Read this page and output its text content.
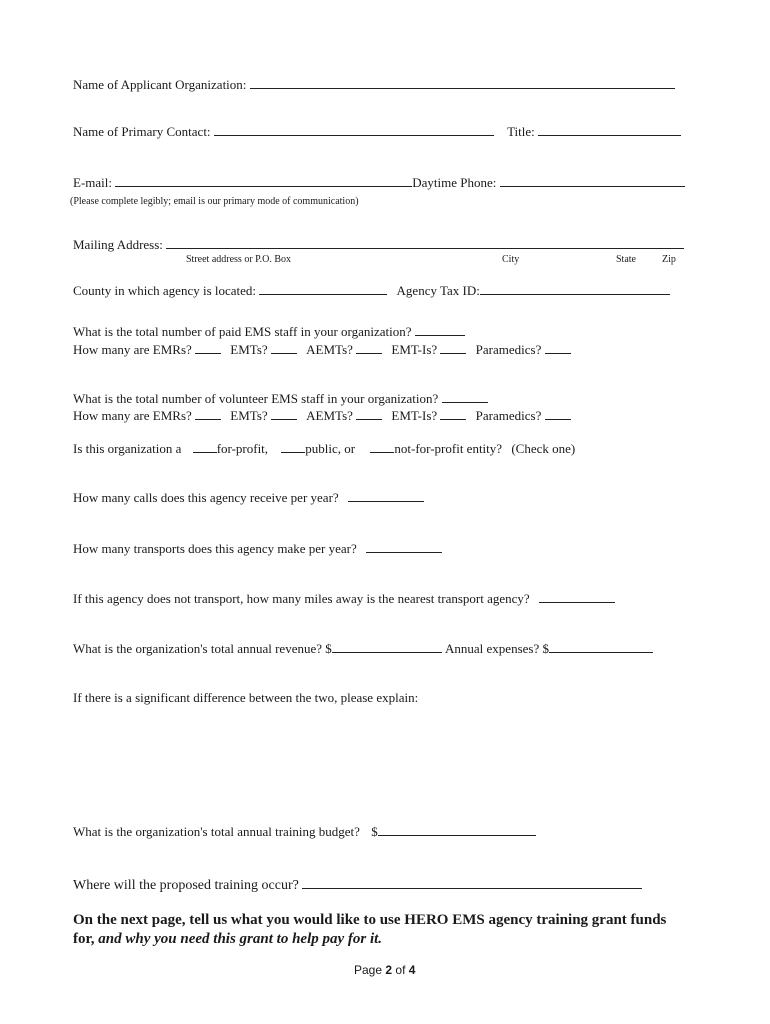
Name of Applicant Organization:
Name of Primary Contact:	Title:
E-mail:	Daytime Phone:
(Please complete legibly; email is our primary mode of communication)
Mailing Address:
Street address or P.O. Box	City	State	Zip
County in which agency is located:	Agency Tax ID:
What is the total number of paid EMS staff in your organization?
How many are EMRs?	EMTs?	AEMTs?	EMT-Is?	Paramedics?
What is the total number of volunteer EMS staff in your organization?
How many are EMRs?	EMTs?	AEMTs?	EMT-Is?	Paramedics?
Is this organization a	for-profit,	public, or	not-for-profit entity? (Check one)
How many calls does this agency receive per year?
How many transports does this agency make per year?
If this agency does not transport, how many miles away is the nearest transport agency?
What is the organization's total annual revenue? $	Annual expenses? $
If there is a significant difference between the two, please explain:
What is the organization's total annual training budget? $
Where will the proposed training occur?
On the next page, tell us what you would like to use HERO EMS agency training grant funds
for, and why you need this grant to help pay for it.
Page 2 of 4
